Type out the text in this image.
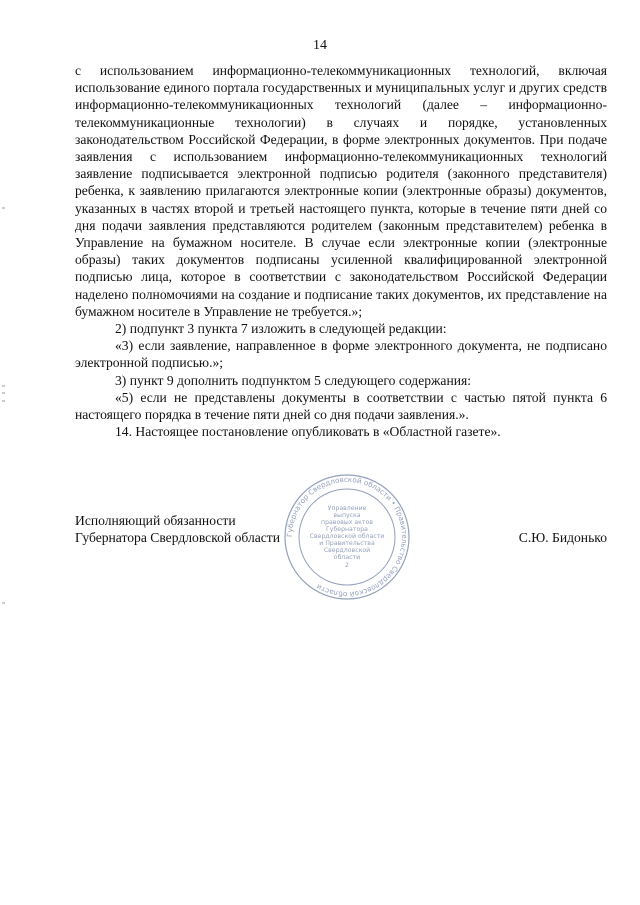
14

с использованием информационно-телекоммуникационных технологий, включая использование единого портала государственных и муниципальных услуг и других средств информационно-телекоммуникационных технологий (далее – информационно-телекоммуникационные технологии) в случаях и порядке, установленных законодательством Российской Федерации, в форме электронных документов. При подаче заявления с использованием информационно-телекоммуникационных технологий заявление подписывается электронной подписью родителя (законного представителя) ребенка, к заявлению прилагаются электронные копии (электронные образы) документов, указанных в частях второй и третьей настоящего пункта, которые в течение пяти дней со дня подачи заявления представляются родителем (законным представителем) ребенка в Управление на бумажном носителе. В случае если электронные копии (электронные образы) таких документов подписаны усиленной квалифицированной электронной подписью лица, которое в соответствии с законодательством Российской Федерации наделено полномочиями на создание и подписание таких документов, их представление на бумажном носителе в Управление не требуется.»;

2) подпункт 3 пункта 7 изложить в следующей редакции:

«3) если заявление, направленное в форме электронного документа, не подписано электронной подписью.»;

3) пункт 9 дополнить подпунктом 5 следующего содержания:

«5) если не представлены документы в соответствии с частью пятой пункта 6 настоящего порядка в течение пяти дней со дня подачи заявления.».

14. Настоящее постановление опубликовать в «Областной газете».

Исполняющий обязанности
Губернатора Свердловской области	С.Ю. Бидонько
Губернатор Свердловской области • Правительство Свердловской области
Управление
выпуска
правовых актов
Губернатора
Свердловской области
и Правительства
Свердловской
области
2
